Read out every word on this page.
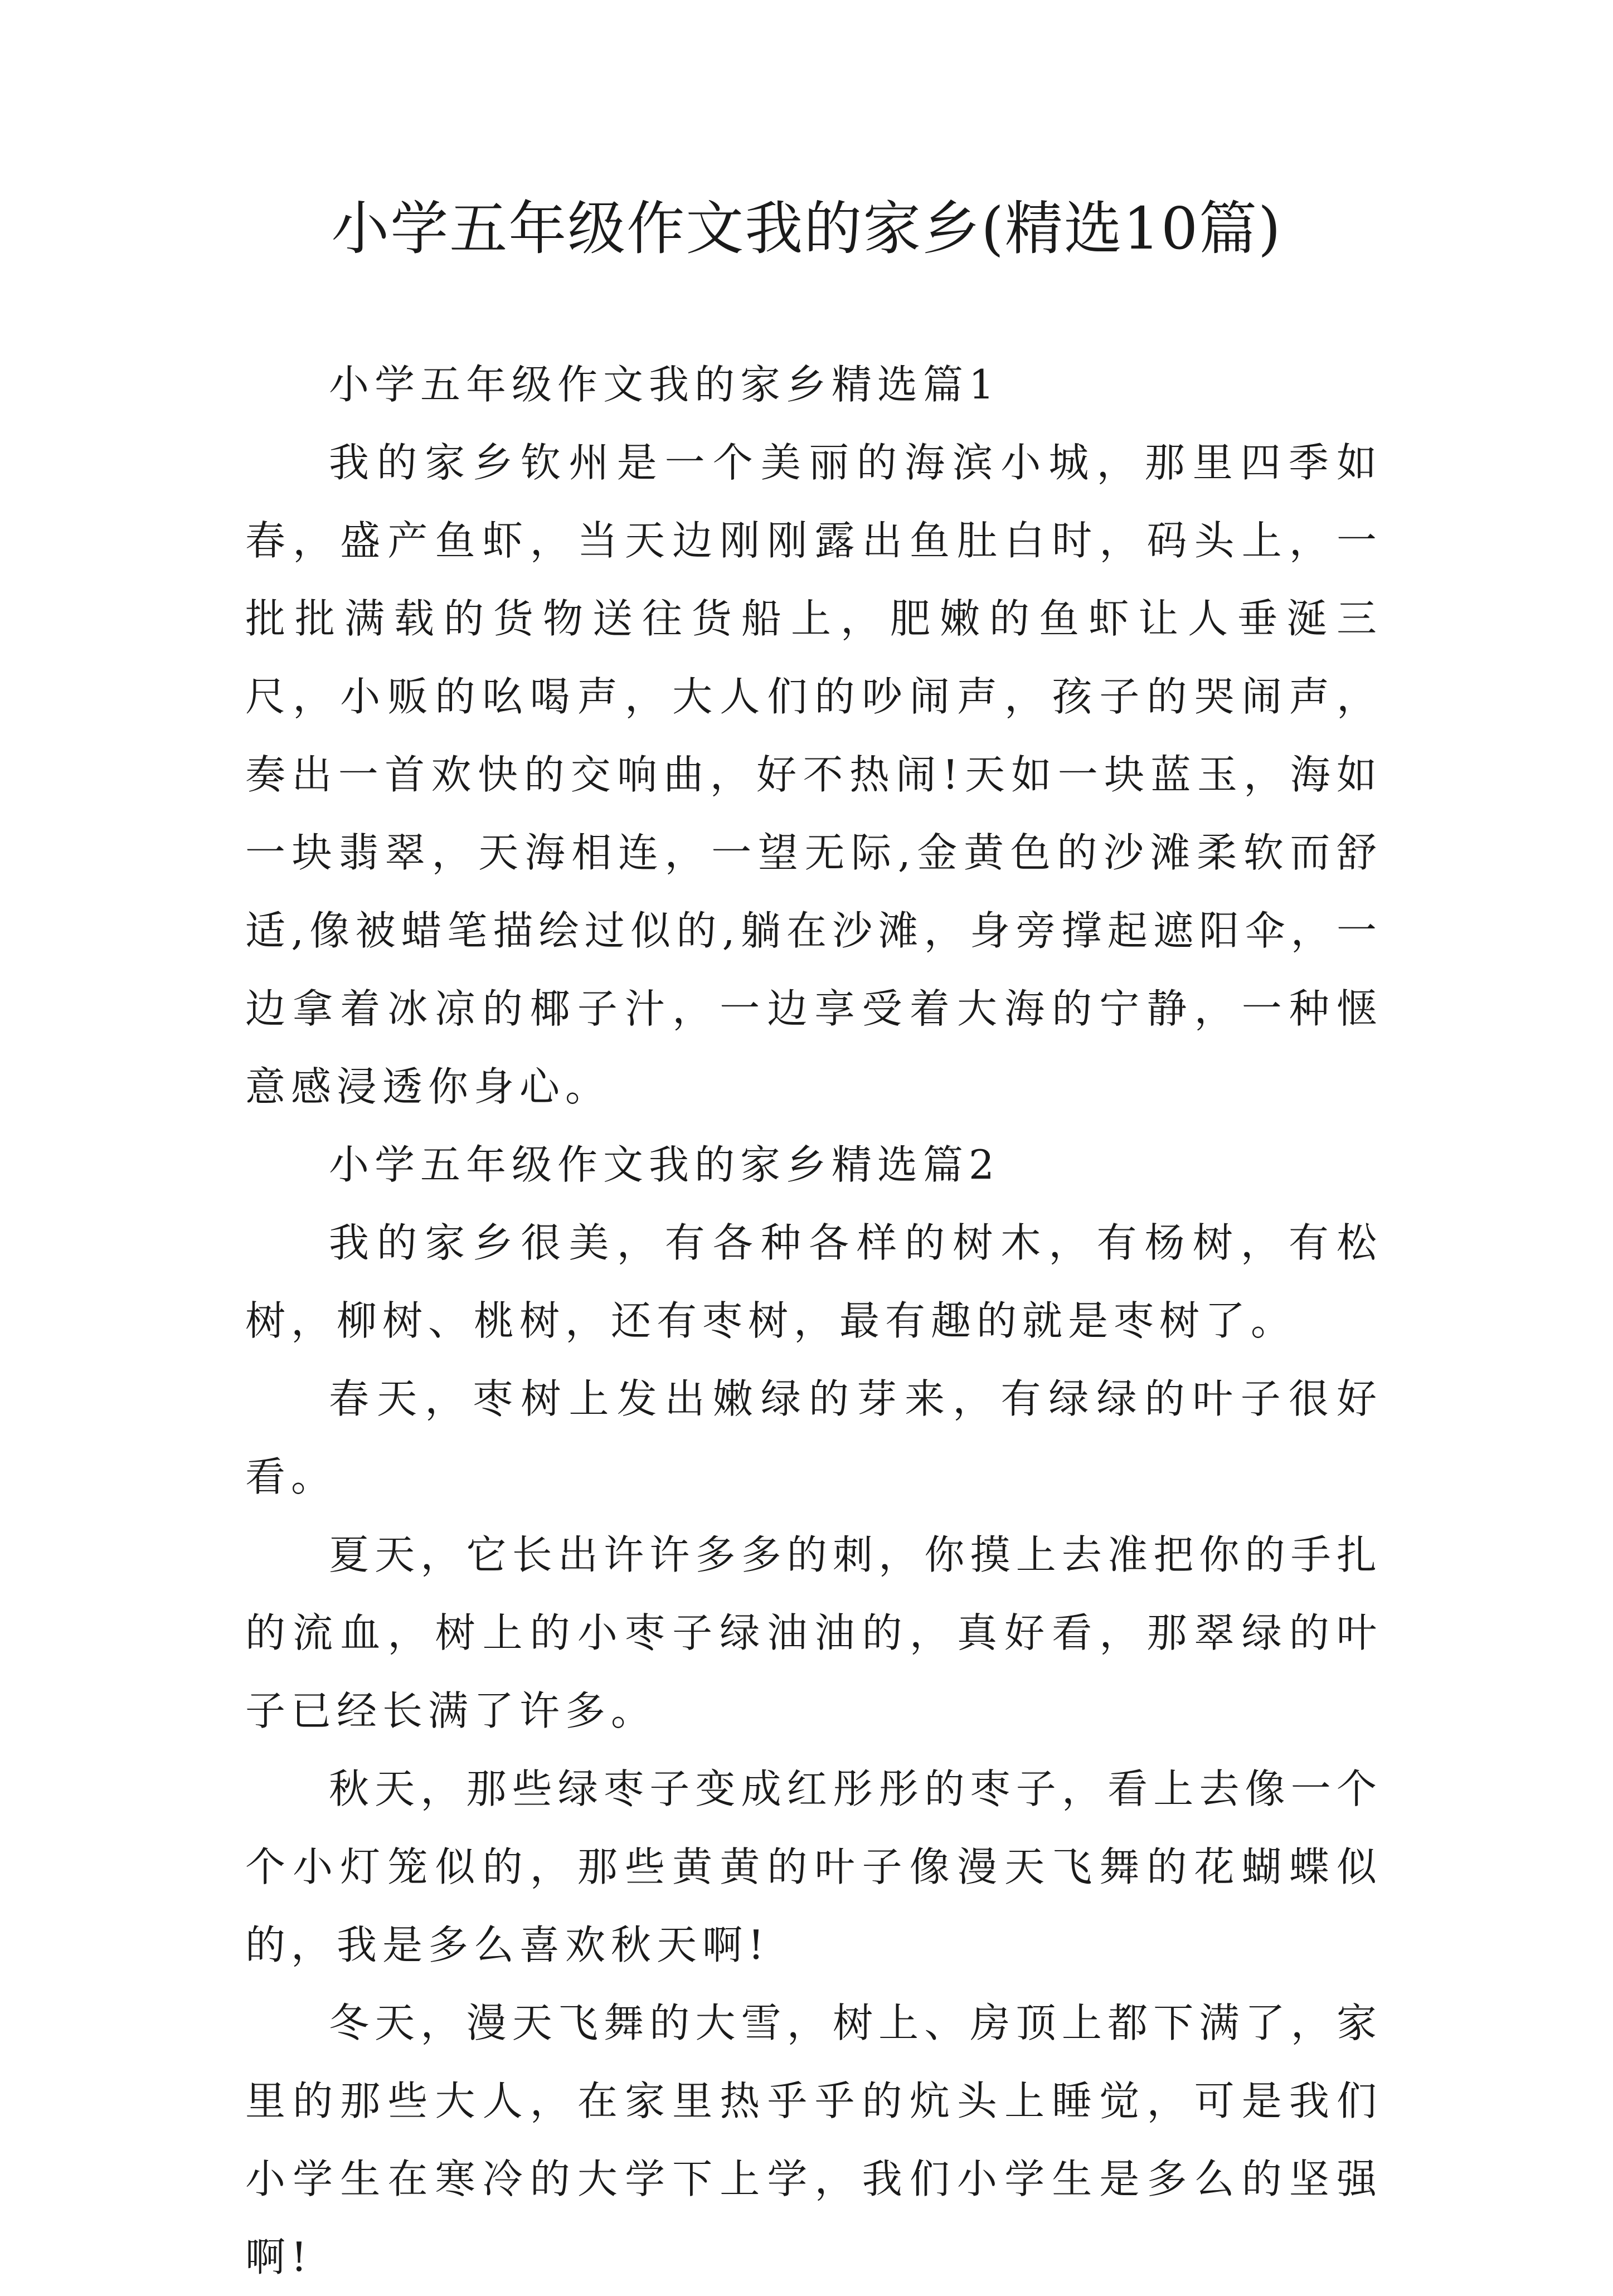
小学五年级作文我的家乡(精选10篇)

小学五年级作文我的家乡精选篇1

我的家乡钦州是一个美丽的海滨小城，那里四季如春，盛产鱼虾，当天边刚刚露出鱼肚白时，码头上，一批批满载的货物送往货船上，肥嫩的鱼虾让人垂涎三尺，小贩的吆喝声，大人们的吵闹声，孩子的哭闹声，奏出一首欢快的交响曲，好不热闹!天如一块蓝玉，海如一块翡翠，天海相连，一望无际,金黄色的沙滩柔软而舒适,像被蜡笔描绘过似的,躺在沙滩，身旁撑起遮阳伞，一边拿着冰凉的椰子汁，一边享受着大海的宁静，一种惬意感浸透你身心。

小学五年级作文我的家乡精选篇2

我的家乡很美，有各种各样的树木，有杨树，有松树，柳树、桃树，还有枣树，最有趣的就是枣树了。

春天，枣树上发出嫩绿的芽来，有绿绿的叶子很好看。

夏天，它长出许许多多的刺，你摸上去准把你的手扎的流血，树上的小枣子绿油油的，真好看，那翠绿的叶子已经长满了许多。

秋天，那些绿枣子变成红彤彤的枣子，看上去像一个个小灯笼似的，那些黄黄的叶子像漫天飞舞的花蝴蝶似的，我是多么喜欢秋天啊!

冬天，漫天飞舞的大雪，树上、房顶上都下满了，家里的那些大人，在家里热乎乎的炕头上睡觉，可是我们小学生在寒冷的大学下上学，我们小学生是多么的坚强啊!
